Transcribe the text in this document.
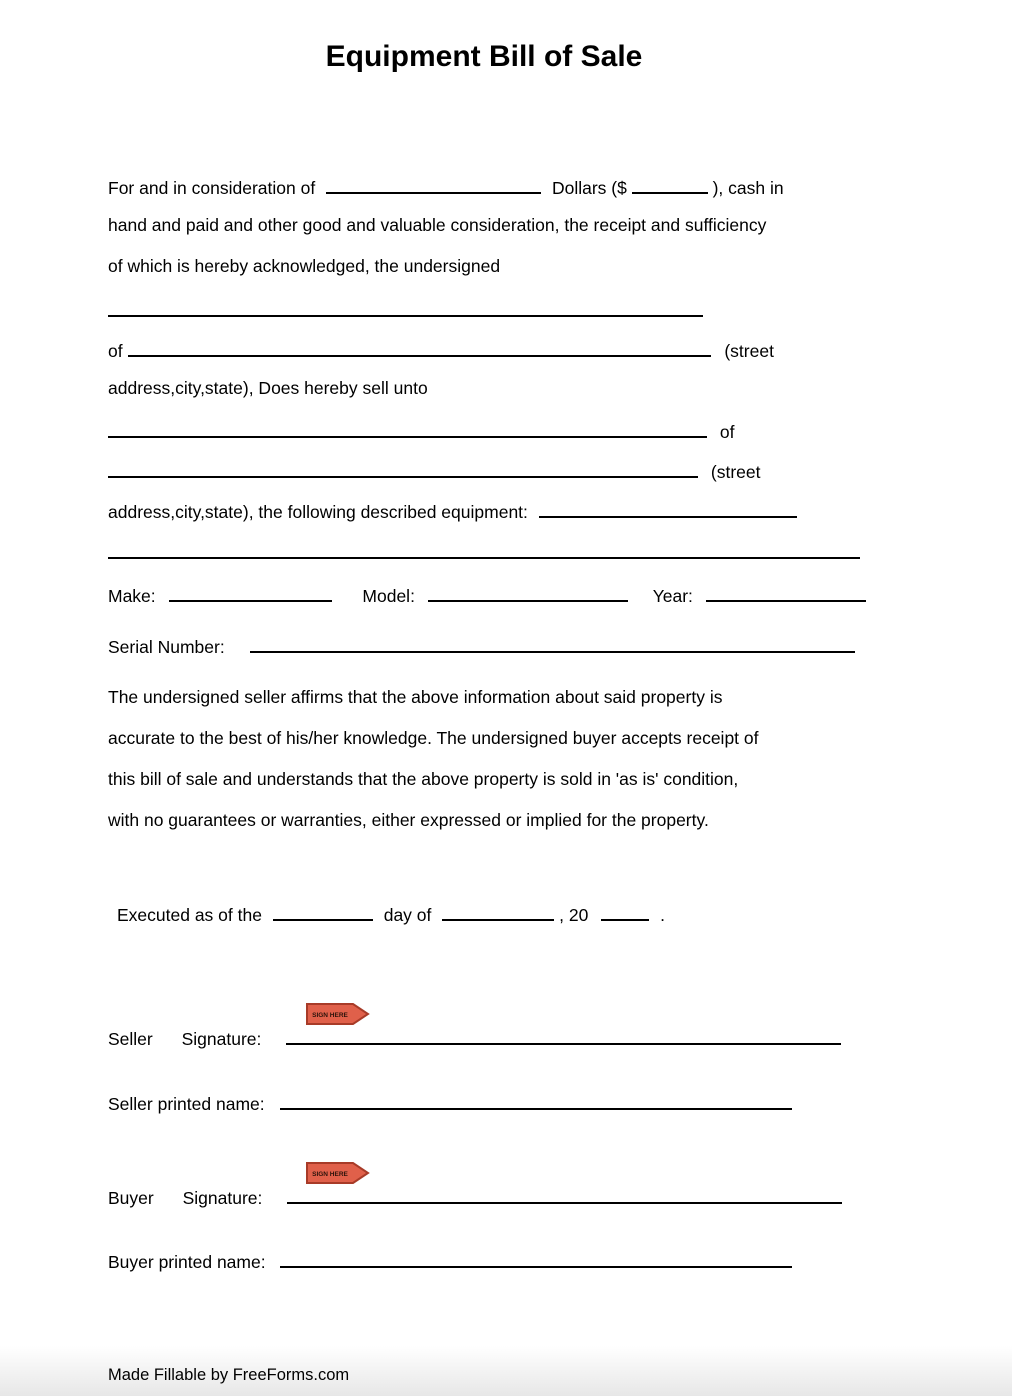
Equipment Bill of Sale
For and in consideration of	Dollars ($	), cash in
hand and paid and other good and valuable consideration, the receipt and sufficiency
of which is hereby acknowledged, the undersigned
of	(street
address,city,state), Does hereby sell unto
of
(street
address,city,state), the following described equipment:
Make:	Model:	Year:
Serial Number:
The undersigned seller affirms that the above information about said property is
accurate to the best of his/her knowledge. The undersigned buyer accepts receipt of
this bill of sale and understands that the above property is sold in 'as is' condition,
with no guarantees or warranties, either expressed or implied for the property.
Executed as of the	day of	, 20	.
SIGN HERE
Seller Signature:
Seller printed name:
SIGN HERE
Buyer Signature:
Buyer printed name:
Made Fillable by FreeForms.com
